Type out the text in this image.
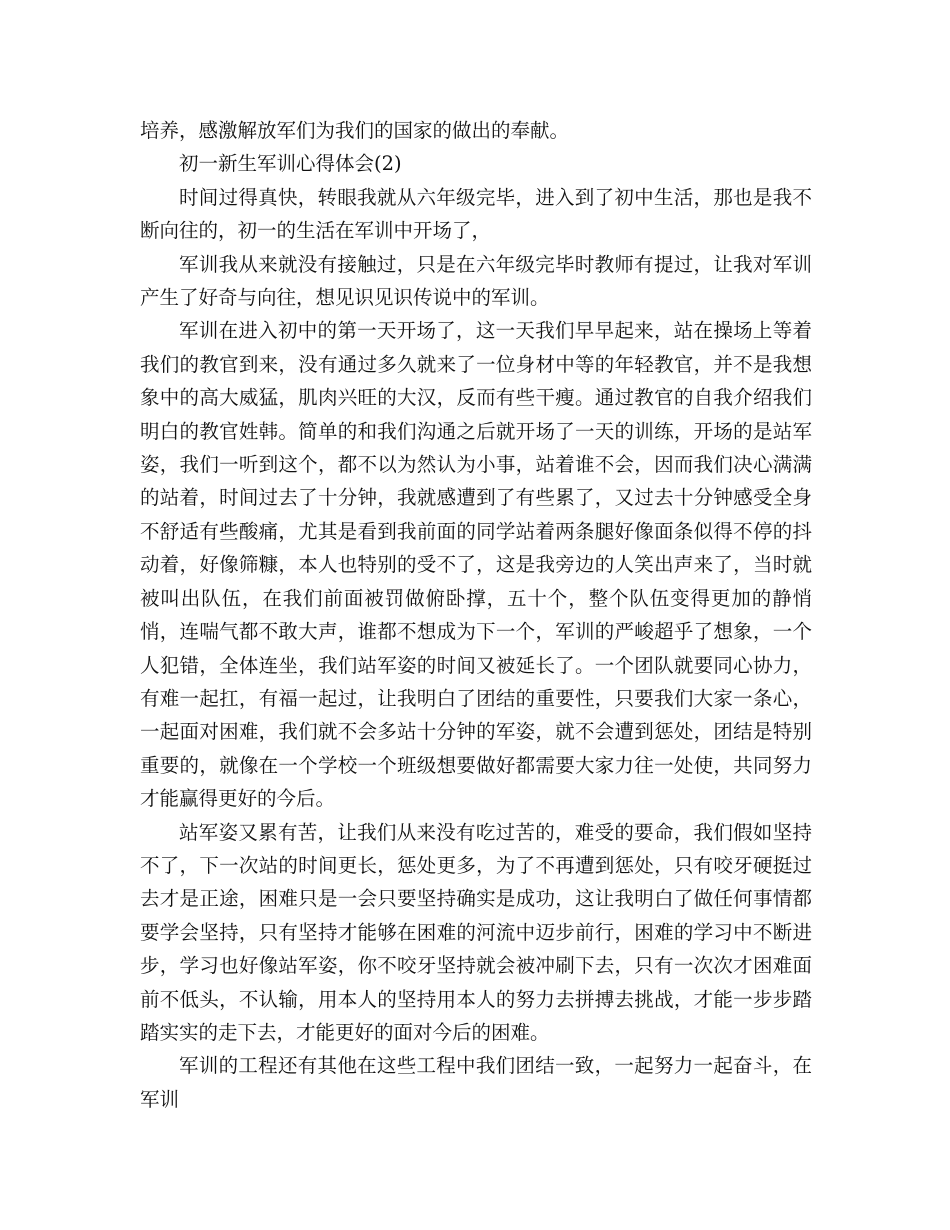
培养，感激解放军们为我们的国家的做出的奉献。

初一新生军训心得体会(2)

时间过得真快，转眼我就从六年级完毕，进入到了初中生活，那也是我不断向往的，初一的生活在军训中开场了，

军训我从来就没有接触过，只是在六年级完毕时教师有提过，让我对军训产生了好奇与向往，想见识见识传说中的军训。

军训在进入初中的第一天开场了，这一天我们早早起来，站在操场上等着我们的教官到来，没有通过多久就来了一位身材中等的年轻教官，并不是我想象中的高大威猛，肌肉兴旺的大汉，反而有些干瘦。通过教官的自我介绍我们明白的教官姓韩。简单的和我们沟通之后就开场了一天的训练，开场的是站军姿，我们一听到这个，都不以为然认为小事，站着谁不会，因而我们决心满满的站着，时间过去了十分钟，我就感遭到了有些累了，又过去十分钟感受全身不舒适有些酸痛，尤其是看到我前面的同学站着两条腿好像面条似得不停的抖动着，好像筛糠，本人也特别的受不了，这是我旁边的人笑出声来了，当时就被叫出队伍，在我们前面被罚做俯卧撑，五十个，整个队伍变得更加的静悄悄，连喘气都不敢大声，谁都不想成为下一个，军训的严峻超乎了想象，一个人犯错，全体连坐，我们站军姿的时间又被延长了。一个团队就要同心协力，有难一起扛，有福一起过，让我明白了团结的重要性，只要我们大家一条心，一起面对困难，我们就不会多站十分钟的军姿，就不会遭到惩处，团结是特别重要的，就像在一个学校一个班级想要做好都需要大家力往一处使，共同努力才能赢得更好的今后。

站军姿又累有苦，让我们从来没有吃过苦的，难受的要命，我们假如坚持不了，下一次站的时间更长，惩处更多，为了不再遭到惩处，只有咬牙硬挺过去才是正途，困难只是一会只要坚持确实是成功，这让我明白了做任何事情都要学会坚持，只有坚持才能够在困难的河流中迈步前行，困难的学习中不断进步，学习也好像站军姿，你不咬牙坚持就会被冲刷下去，只有一次次才困难面前不低头，不认输，用本人的坚持用本人的努力去拼搏去挑战，才能一步步踏踏实实的走下去，才能更好的面对今后的困难。

军训的工程还有其他在这些工程中我们团结一致，一起努力一起奋斗，在军训
